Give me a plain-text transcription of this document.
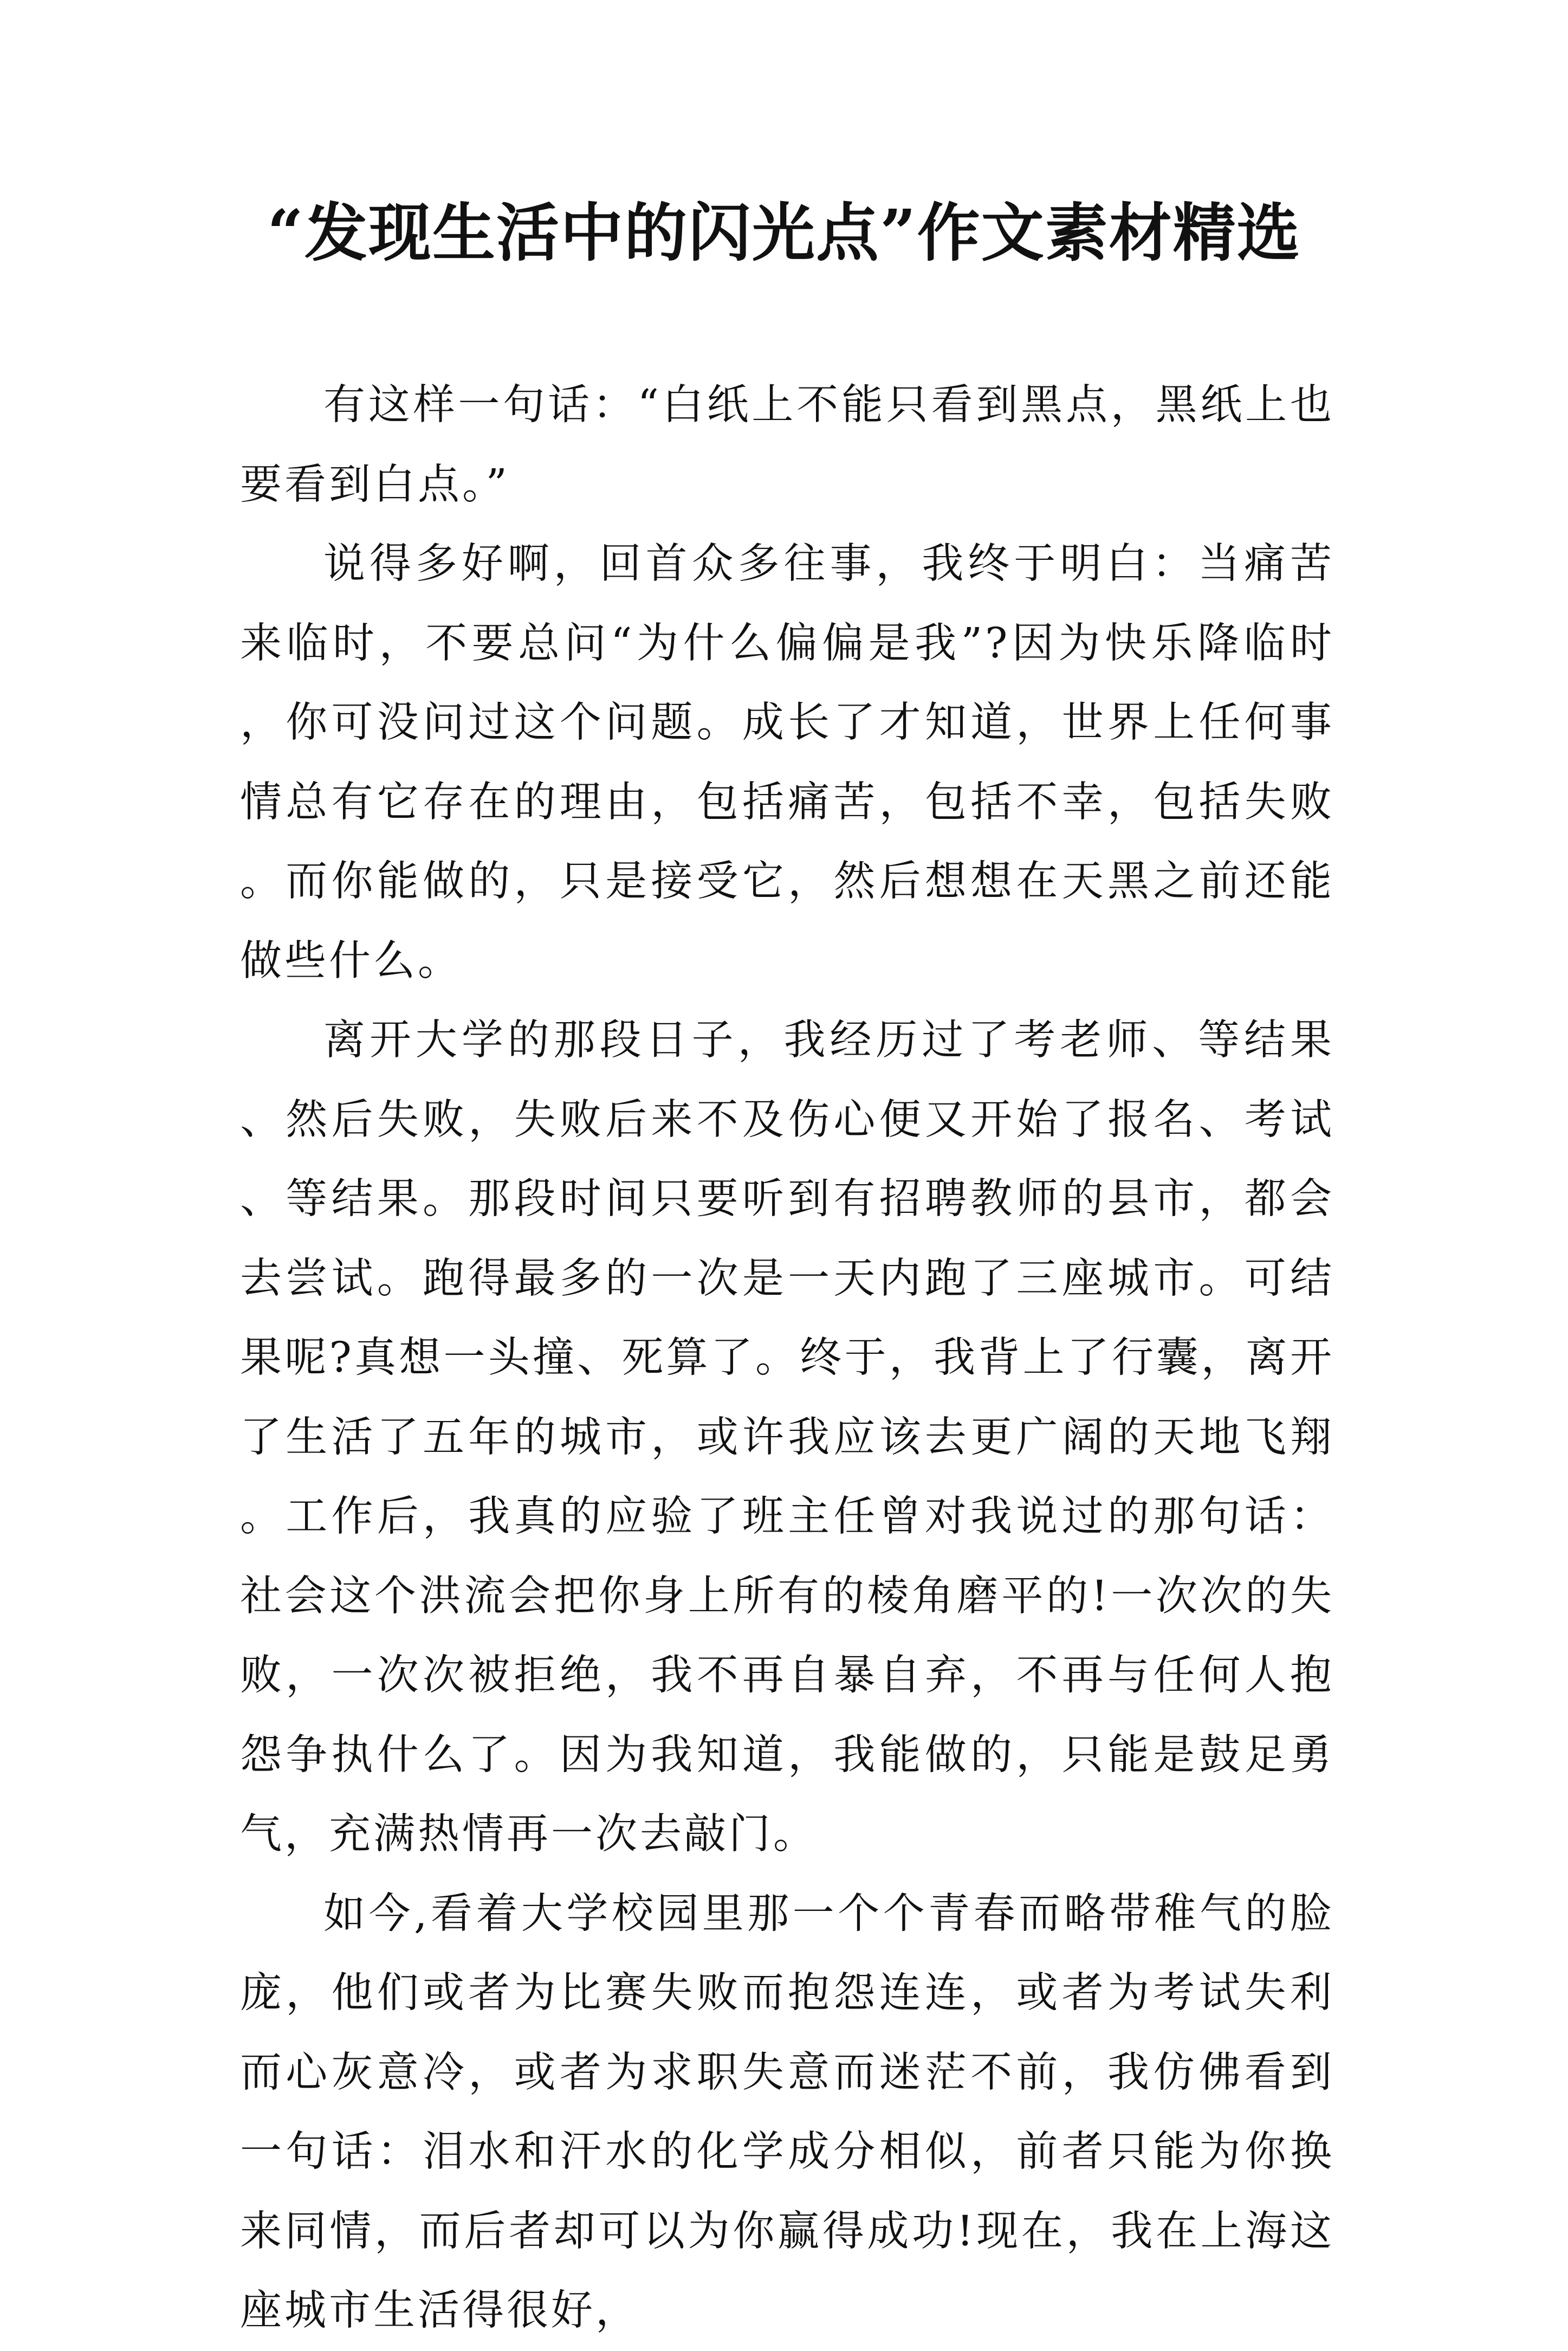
“发现生活中的闪光点”作文素材精选

有这样一句话：“白纸上不能只看到黑点，黑纸上也要看到白点。”

说得多好啊，回首众多往事，我终于明白：当痛苦来临时，不要总问“为什么偏偏是我”?因为快乐降临时，你可没问过这个问题。成长了才知道，世界上任何事情总有它存在的理由，包括痛苦，包括不幸，包括失败。而你能做的，只是接受它，然后想想在天黑之前还能做些什么。

离开大学的那段日子，我经历过了考老师、等结果、然后失败，失败后来不及伤心便又开始了报名、考试、等结果。那段时间只要听到有招聘教师的县市，都会去尝试。跑得最多的一次是一天内跑了三座城市。可结果呢?真想一头撞、死算了。终于，我背上了行囊，离开了生活了五年的城市，或许我应该去更广阔的天地飞翔。工作后，我真的应验了班主任曾对我说过的那句话：社会这个洪流会把你身上所有的棱角磨平的!一次次的失败，一次次被拒绝，我不再自暴自弃，不再与任何人抱怨争执什么了。因为我知道，我能做的，只能是鼓足勇气，充满热情再一次去敲门。

如今,看着大学校园里那一个个青春而略带稚气的脸庞，他们或者为比赛失败而抱怨连连，或者为考试失利而心灰意冷，或者为求职失意而迷茫不前，我仿佛看到一句话：泪水和汗水的化学成分相似，前者只能为你换来同情，而后者却可以为你赢得成功!现在，我在上海这座城市生活得很好，
